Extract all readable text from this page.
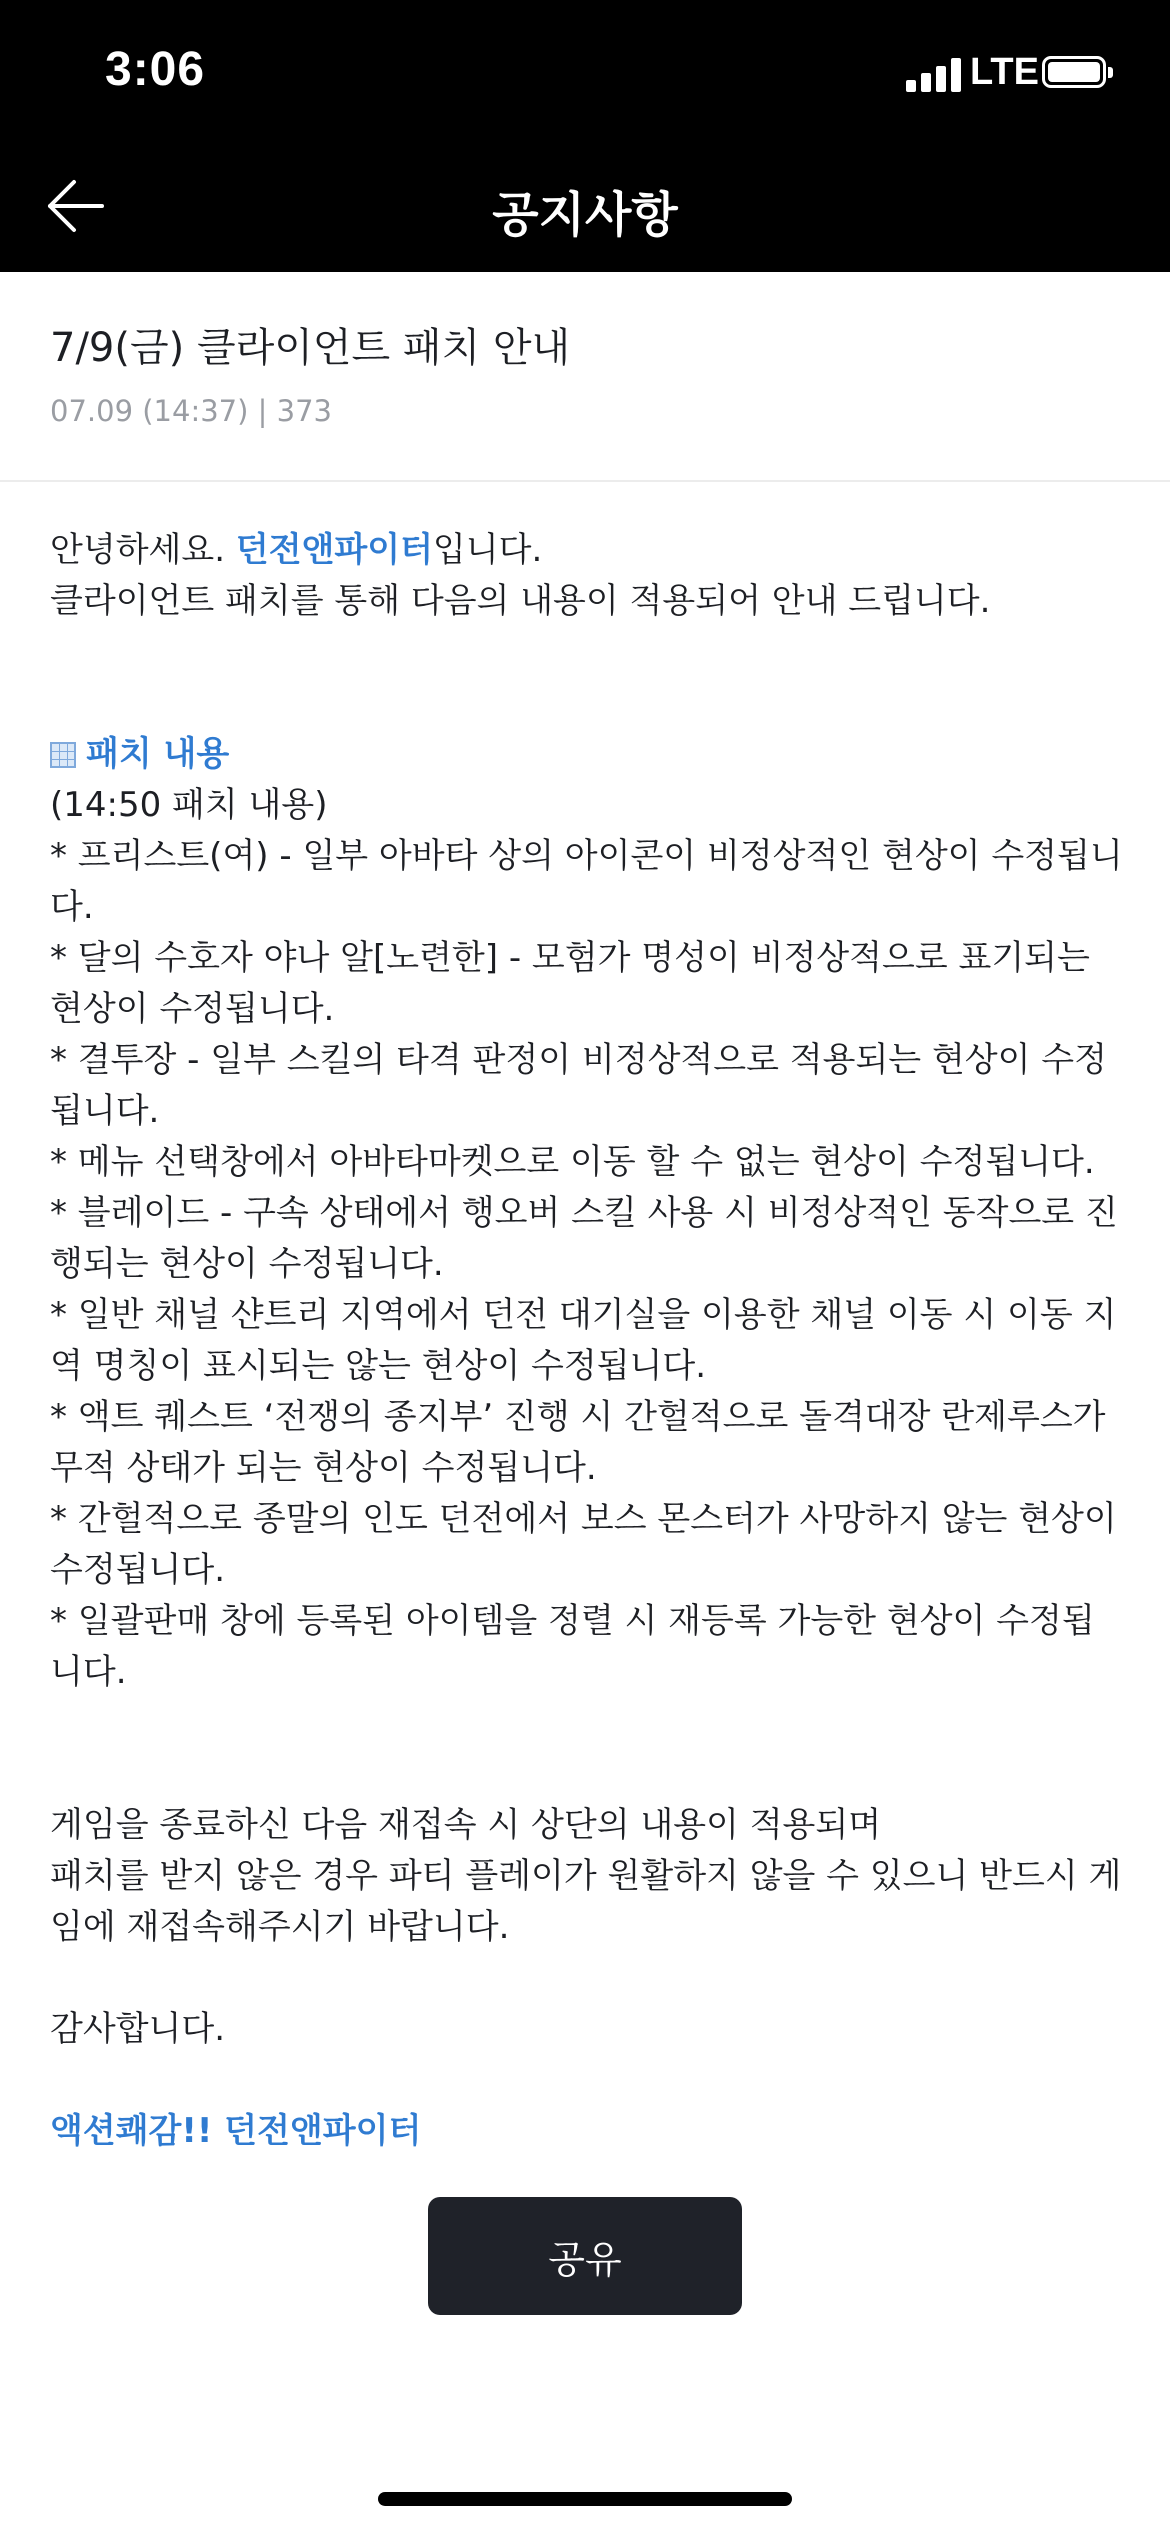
3:06	LTE
공지사항
7/9(금) 클라이언트 패치 안내
07.09 (14:37) | 373

안녕하세요. 던전앤파이터입니다.

클라이언트 패치를 통해 다음의 내용이 적용되어 안내 드립니다.

패치 내용

(14:50 패치 내용)

* 프리스트(여) - 일부 아바타 상의 아이콘이 비정상적인 현상이 수정됩니다.

* 달의 수호자 야나 알[노련한] - 모험가 명성이 비정상적으로 표기되는 현상이 수정됩니다.

* 결투장 - 일부 스킬의 타격 판정이 비정상적으로 적용되는 현상이 수정됩니다.

* 메뉴 선택창에서 아바타마켓으로 이동 할 수 없는 현상이 수정됩니다.

* 블레이드 - 구속 상태에서 행오버 스킬 사용 시 비정상적인 동작으로 진행되는 현상이 수정됩니다.

* 일반 채널 샨트리 지역에서 던전 대기실을 이용한 채널 이동 시 이동 지역 명칭이 표시되는 않는 현상이 수정됩니다.

* 액트 퀘스트 ‘전쟁의 종지부’ 진행 시 간헐적으로 돌격대장 란제루스가 무적 상태가 되는 현상이 수정됩니다.

* 간헐적으로 종말의 인도 던전에서 보스 몬스터가 사망하지 않는 현상이 수정됩니다.

* 일괄판매 창에 등록된 아이템을 정렬 시 재등록 가능한 현상이 수정됩니다.

게임을 종료하신 다음 재접속 시 상단의 내용이 적용되며

패치를 받지 않은 경우 파티 플레이가 원활하지 않을 수 있으니 반드시 게임에 재접속해주시기 바랍니다.

감사합니다.

액션쾌감!! 던전앤파이터

공유
